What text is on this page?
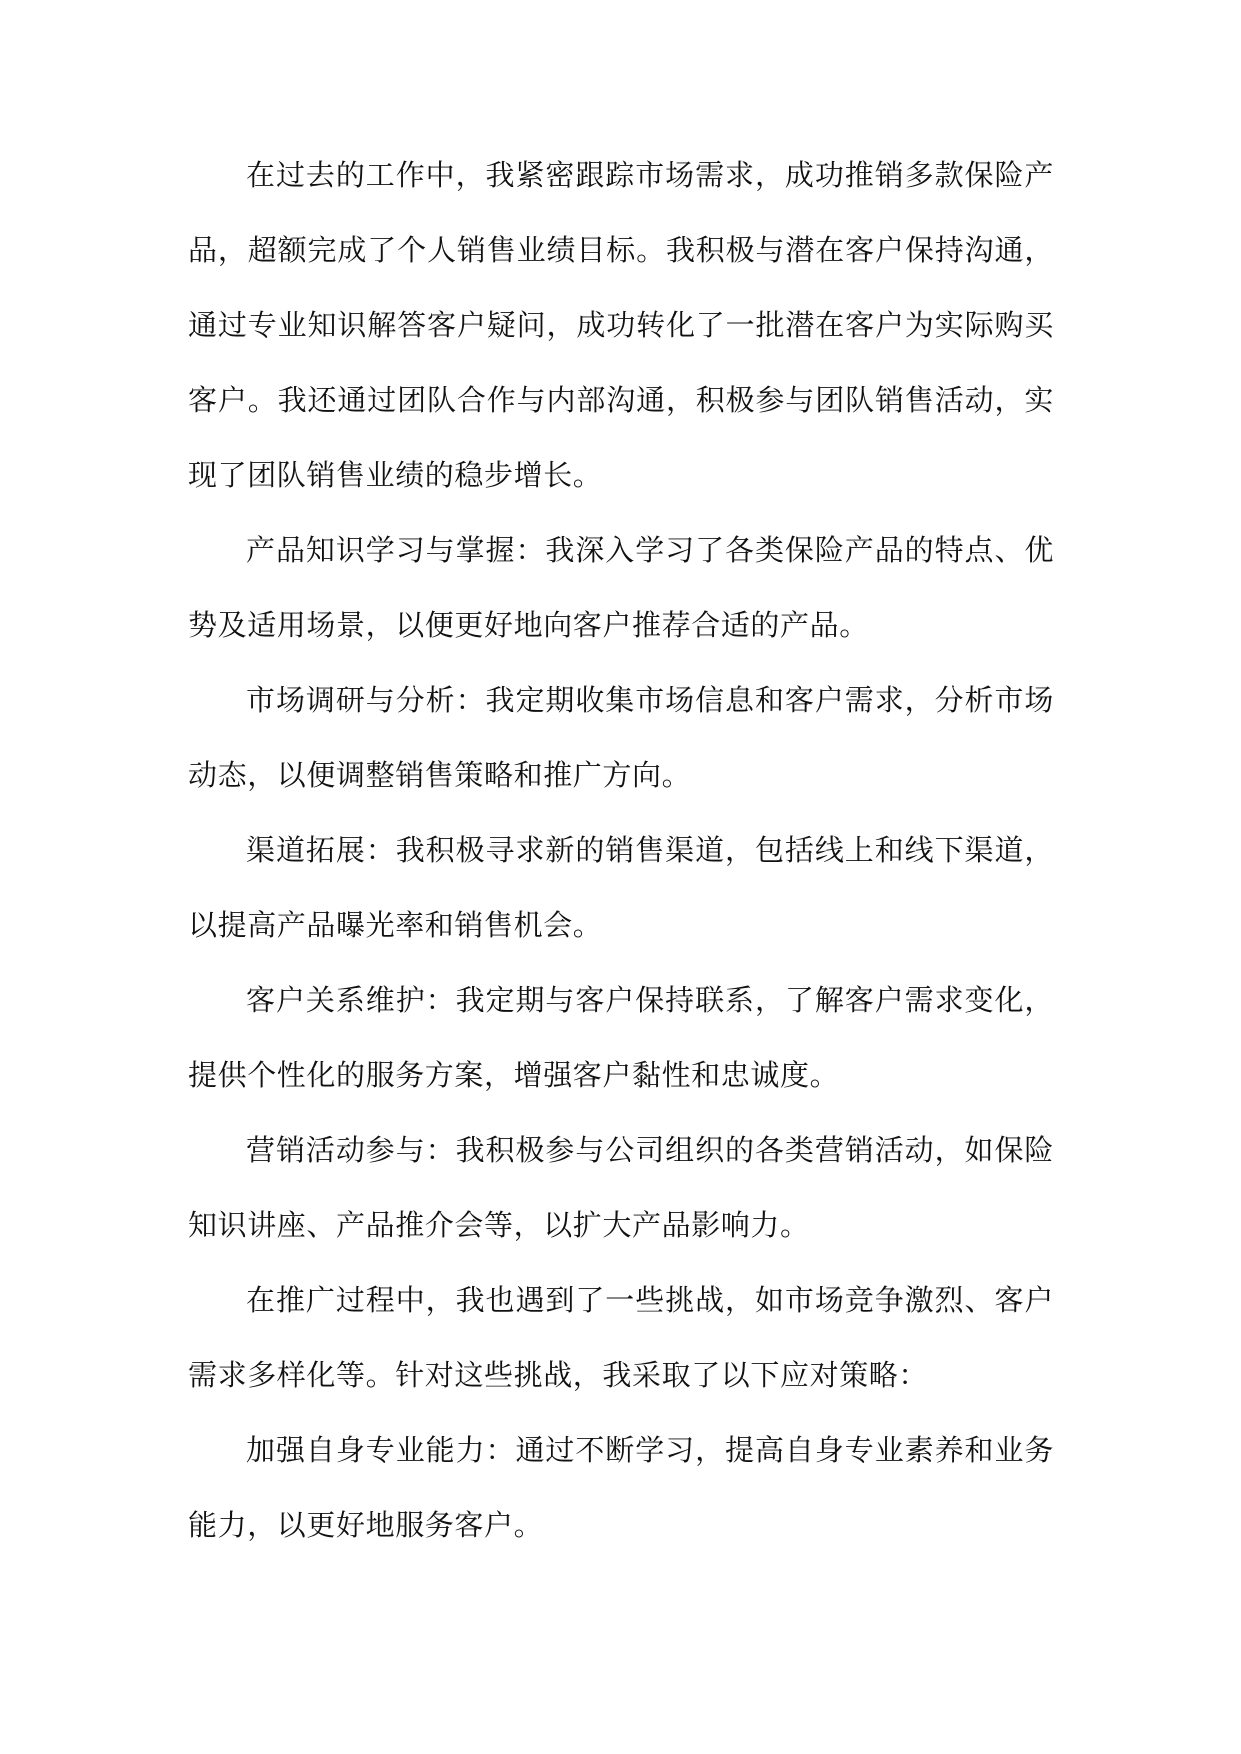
在过去的工作中，我紧密跟踪市场需求，成功推销多款保险产品，超额完成了个人销售业绩目标。我积极与潜在客户保持沟通，通过专业知识解答客户疑问，成功转化了一批潜在客户为实际购买客户。我还通过团队合作与内部沟通，积极参与团队销售活动，实现了团队销售业绩的稳步增长。

产品知识学习与掌握：我深入学习了各类保险产品的特点、优势及适用场景，以便更好地向客户推荐合适的产品。

市场调研与分析：我定期收集市场信息和客户需求，分析市场动态，以便调整销售策略和推广方向。

渠道拓展：我积极寻求新的销售渠道，包括线上和线下渠道，以提高产品曝光率和销售机会。

客户关系维护：我定期与客户保持联系，了解客户需求变化，提供个性化的服务方案，增强客户黏性和忠诚度。

营销活动参与：我积极参与公司组织的各类营销活动，如保险知识讲座、产品推介会等，以扩大产品影响力。

在推广过程中，我也遇到了一些挑战，如市场竞争激烈、客户需求多样化等。针对这些挑战，我采取了以下应对策略：

加强自身专业能力：通过不断学习，提高自身专业素养和业务能力，以更好地服务客户。
